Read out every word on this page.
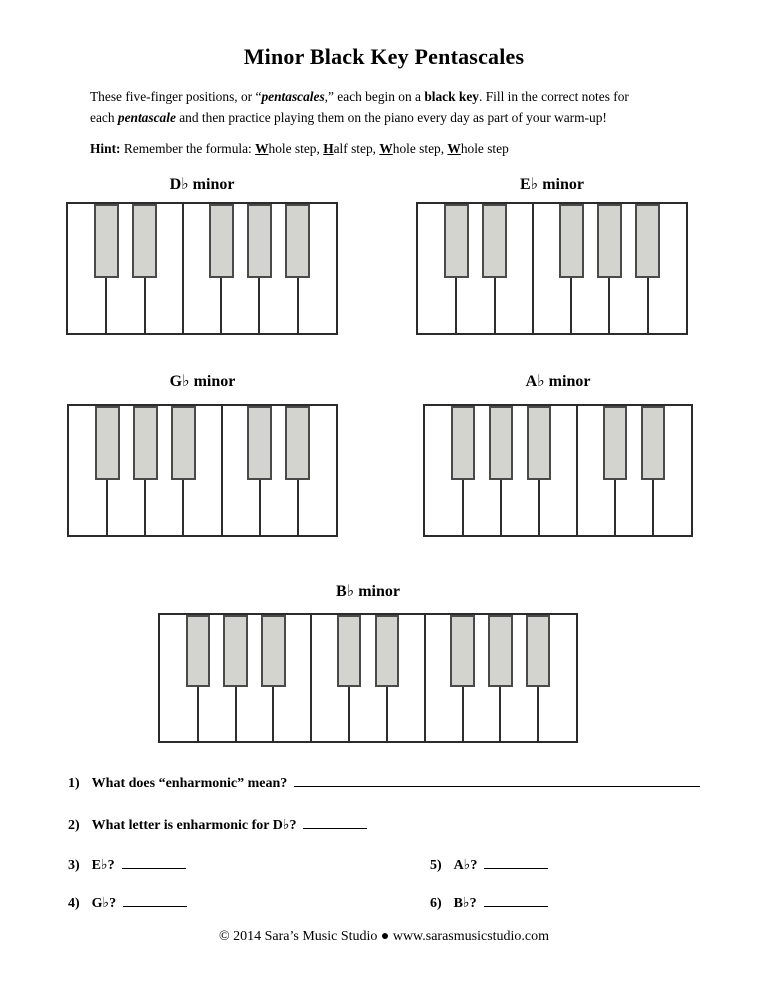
Minor Black Key Pentascales
These five-finger positions, or “pentascales,” each begin on a black key. Fill in the correct notes for
each pentascale and then practice playing them on the piano every day as part of your warm-up!
Hint: Remember the formula: Whole step, Half step, Whole step, Whole step
D♭ minor	E♭ minor
G♭ minor	A♭ minor
B♭ minor
1) What does “enharmonic” mean?
2) What letter is enharmonic for D♭?
3) E♭?
4) G♭?
5) A♭?
6) B♭?
© 2014 Sara’s Music Studio ● www.sarasmusicstudio.com
